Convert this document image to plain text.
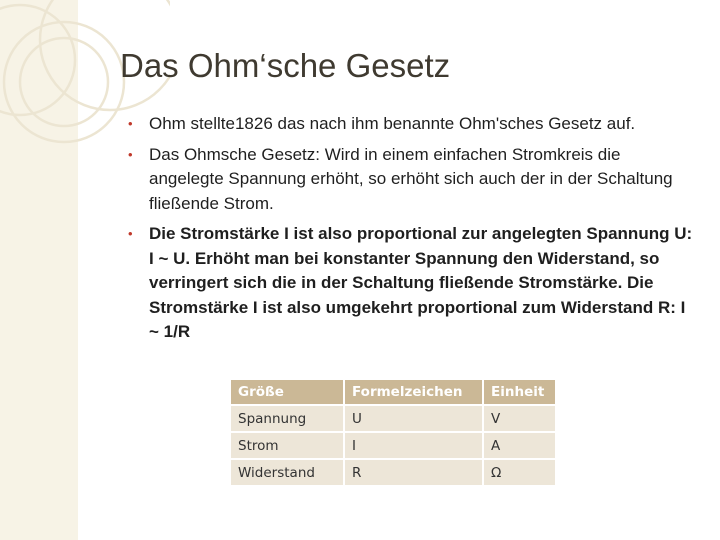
Das Ohm‘sche Gesetz
• Ohm stellte1826 das nach ihm benannte Ohm'sches Gesetz auf.
• Das Ohmsche Gesetz: Wird in einem einfachen Stromkreis die angelegte Spannung erhöht, so erhöht sich auch der in der Schaltung fließende Strom.
• Die Stromstärke I ist also proportional zur angelegten Spannung U: I ~ U. Erhöht man bei konstanter Spannung den Widerstand, so verringert sich die in der Schaltung fließende Stromstärke. Die Stromstärke I ist also umgekehrt proportional zum Widerstand R: I ~ 1/R
Größe	Formelzeichen	Einheit
Spannung	U	V
Strom	I	A
Widerstand	R	Ω
